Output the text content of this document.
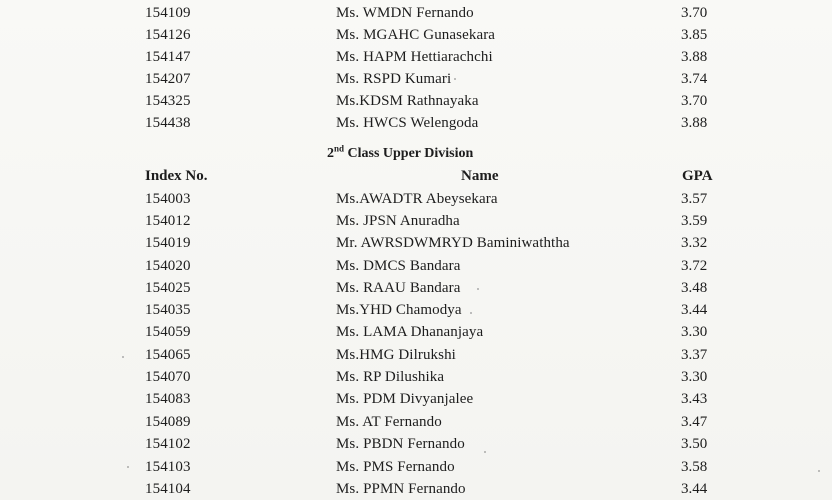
154109	Ms. WMDN Fernando	3.70
154126	Ms. MGAHC Gunasekara	3.85
154147	Ms. HAPM Hettiarachchi	3.88
154207	Ms. RSPD Kumari	3.74
154325	Ms.KDSM Rathnayaka	3.70
154438	Ms. HWCS Welengoda	3.88
2nd Class Upper Division
Index No.	Name	GPA
154003	Ms.AWADTR Abeysekara	3.57
154012	Ms. JPSN Anuradha	3.59
154019	Mr. AWRSDWMRYD Baminiwaththa	3.32
154020	Ms. DMCS Bandara	3.72
154025	Ms. RAAU Bandara	3.48
154035	Ms.YHD Chamodya	3.44
154059	Ms. LAMA Dhananjaya	3.30
154065	Ms.HMG Dilrukshi	3.37
154070	Ms. RP Dilushika	3.30
154083	Ms. PDM Divyanjalee	3.43
154089	Ms. AT Fernando	3.47
154102	Ms. PBDN Fernando	3.50
154103	Ms. PMS Fernando	3.58
154104	Ms. PPMN Fernando	3.44
